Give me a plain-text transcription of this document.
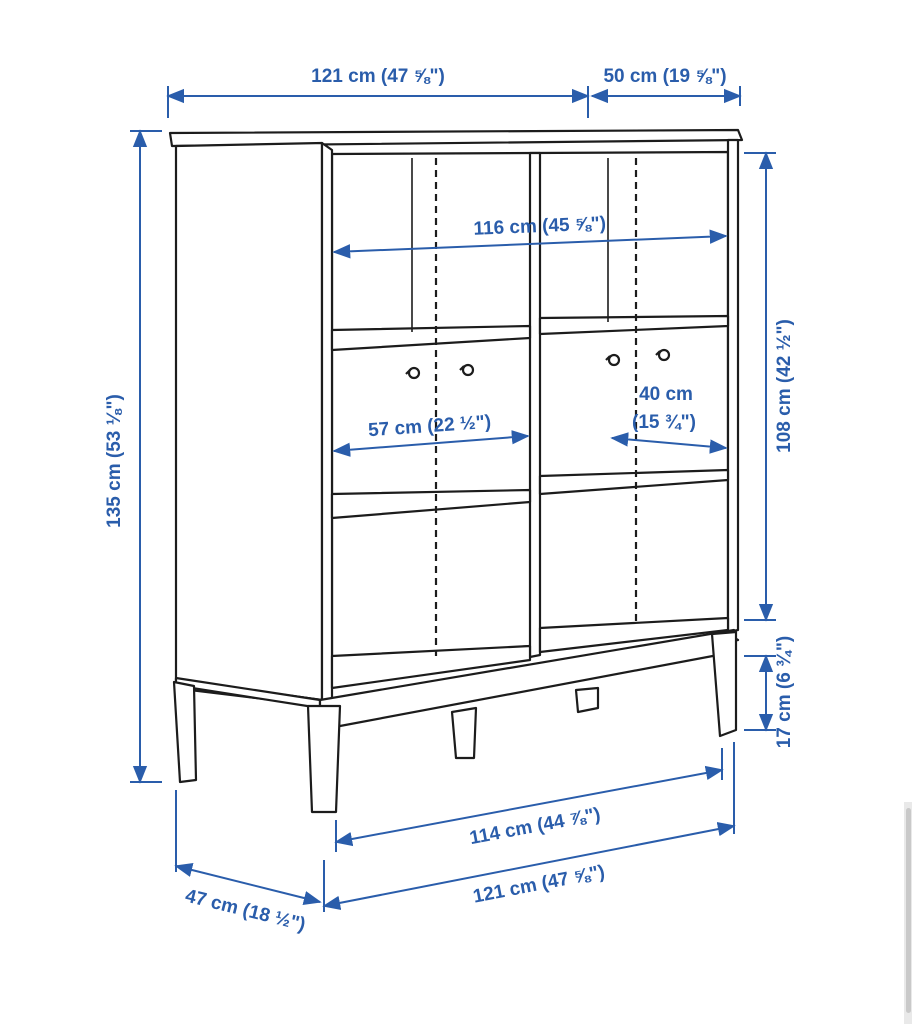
121 cm (47 ⅝")	50 cm (19 ⅝")
116 cm (45 ⅝")
57 cm (22 ½")
40 cm
(15 ¾")
135 cm (53 ⅛")
108 cm (42 ½")
17 cm (6 ¾")
114 cm (44 ⅞")
121 cm (47 ⅝")
47 cm (18 ½")
